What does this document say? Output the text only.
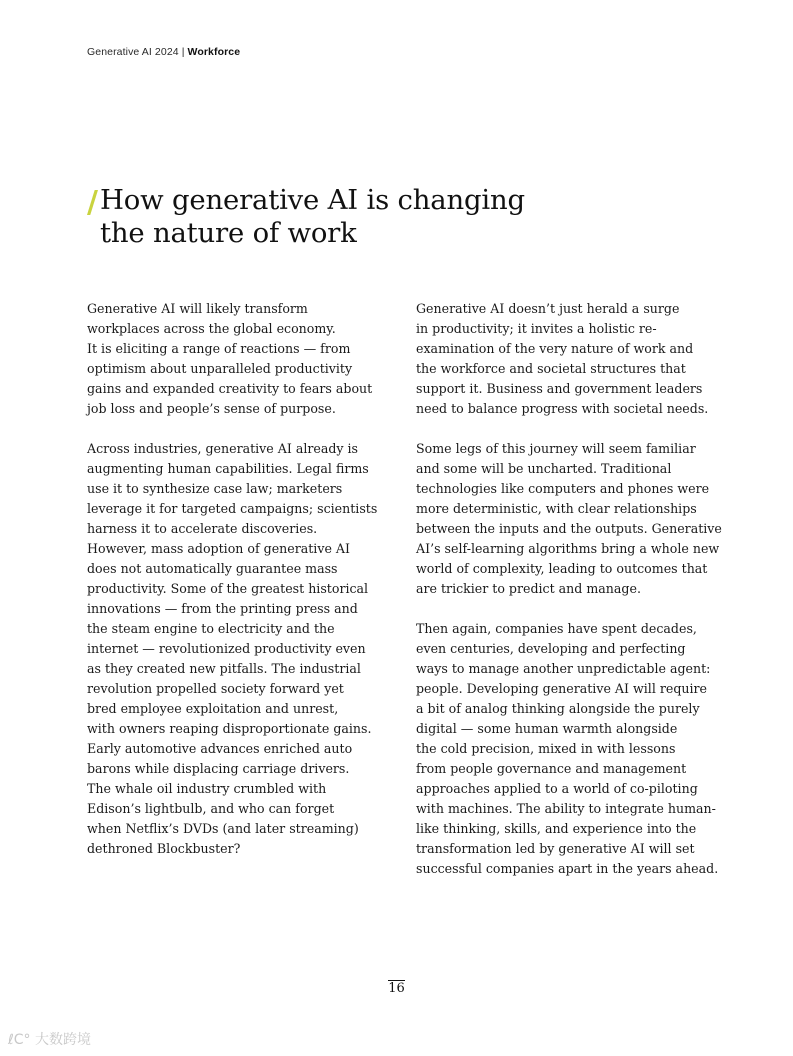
Generative AI 2024 | Workforce
/ How generative AI is changing
the nature of work

Generative AI will likely transform
workplaces across the global economy.
It is eliciting a range of reactions — from
optimism about unparalleled productivity
gains and expanded creativity to fears about
job loss and people’s sense of purpose.

Across industries, generative AI already is
augmenting human capabilities. Legal firms
use it to synthesize case law; marketers
leverage it for targeted campaigns; scientists
harness it to accelerate discoveries.
However, mass adoption of generative AI
does not automatically guarantee mass
productivity. Some of the greatest historical
innovations — from the printing press and
the steam engine to electricity and the
internet — revolutionized productivity even
as they created new pitfalls. The industrial
revolution propelled society forward yet
bred employee exploitation and unrest,
with owners reaping disproportionate gains.
Early automotive advances enriched auto
barons while displacing carriage drivers.
The whale oil industry crumbled with
Edison’s lightbulb, and who can forget
when Netflix’s DVDs (and later streaming)
dethroned Blockbuster?

Generative AI doesn’t just herald a surge
in productivity; it invites a holistic re-
examination of the very nature of work and
the workforce and societal structures that
support it. Business and government leaders
need to balance progress with societal needs.

Some legs of this journey will seem familiar
and some will be uncharted. Traditional
technologies like computers and phones were
more deterministic, with clear relationships
between the inputs and the outputs. Generative
AI’s self-learning algorithms bring a whole new
world of complexity, leading to outcomes that
are trickier to predict and manage.

Then again, companies have spent decades,
even centuries, developing and perfecting
ways to manage another unpredictable agent:
people. Developing generative AI will require
a bit of analog thinking alongside the purely
digital — some human warmth alongside
the cold precision, mixed in with lessons
from people governance and management
approaches applied to a world of co-piloting
with machines. The ability to integrate human-
like thinking, skills, and experience into the
transformation led by generative AI will set
successful companies apart in the years ahead.

16
ℓC° 大数跨境
